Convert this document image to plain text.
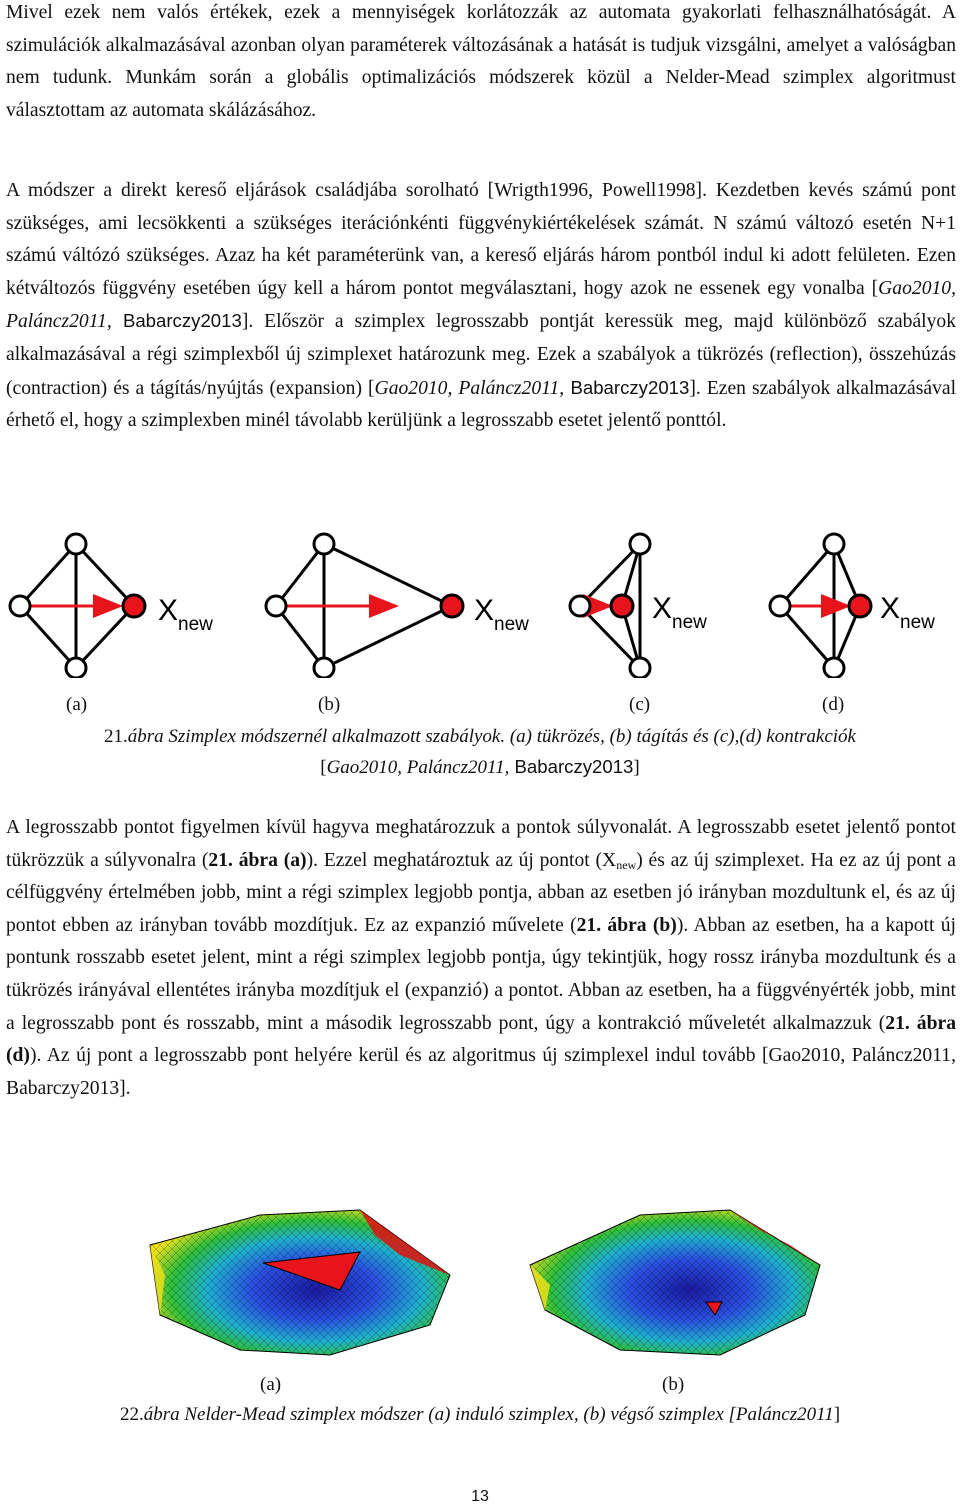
Mivel ezek nem valós értékek, ezek a mennyiségek korlátozzák az automata gyakorlati felhasználhatóságát. A szimulációk alkalmazásával azonban olyan paraméterek változásának a hatását is tudjuk vizsgálni, amelyet a valóságban nem tudunk. Munkám során a globális optimalizációs módszerek közül a Nelder-Mead szimplex algoritmust választottam az automata skálázásához.

A módszer a direkt kereső eljárások családjába sorolható [Wrigth1996, Powell1998]. Kezdetben kevés számú pont szükséges, ami lecsökkenti a szükséges iterációnkénti függvénykiértékelések számát. N számú változó esetén N+1 számú váltózó szükséges. Azaz ha két paraméterünk van, a kereső eljárás három pontból indul ki adott felületen. Ezen kétváltozós függvény esetében úgy kell a három pontot megválasztani, hogy azok ne essenek egy vonalba [Gao2010, Paláncz2011, Babarczy2013]. Először a szimplex legrosszabb pontját keressük meg, majd különböző szabályok alkalmazásával a régi szimplexből új szimplexet határozunk meg. Ezek a szabályok a tükrözés (reflection), összehúzás (contraction) és a tágítás/nyújtás (expansion) [Gao2010, Paláncz2011, Babarczy2013]. Ezen szabályok alkalmazásával érhető el, hogy a szimplexben minél távolabb kerüljünk a legrosszabb esetet jelentő ponttól.

$X_{new}$	$X_{new}$	$X_{new}$	$X_{new}$
(a)	(b)	(c)	(d)
21.ábra Szimplex módszernél alkalmazott szabályok. (a) tükrözés, (b) tágítás és (c),(d) kontrakciók
[Gao2010, Paláncz2011, Babarczy2013]

A legrosszabb pontot figyelmen kívül hagyva meghatározzuk a pontok súlyvonalát. A legrosszabb esetet jelentő pontot tükrözzük a súlyvonalra (21. ábra (a)). Ezzel meghatároztuk az új pontot $(X_{new})$ és az új szimplexet. Ha ez az új pont a célfüggvény értelmében jobb, mint a régi szimplex legjobb pontja, abban az esetben jó irányban mozdultunk el, és az új pontot ebben az irányban tovább mozdítjuk. Ez az expanzió művelete (21. ábra (b)). Abban az esetben, ha a kapott új pontunk rosszabb esetet jelent, mint a régi szimplex legjobb pontja, úgy tekintjük, hogy rossz irányba mozdultunk és a tükrözés irányával ellentétes irányba mozdítjuk el (expanzió) a pontot. Abban az esetben, ha a függvényérték jobb, mint a legrosszabb pont és rosszabb, mint a második legrosszabb pont, úgy a kontrakció műveletét alkalmazzuk (21. ábra (d)). Az új pont a legrosszabb pont helyére kerül és az algoritmus új szimplexel indul tovább [Gao2010, Paláncz2011, Babarczy2013].

(a)	(b)
22.ábra Nelder-Mead szimplex módszer (a) induló szimplex, (b) végső szimplex [Paláncz2011]
13
